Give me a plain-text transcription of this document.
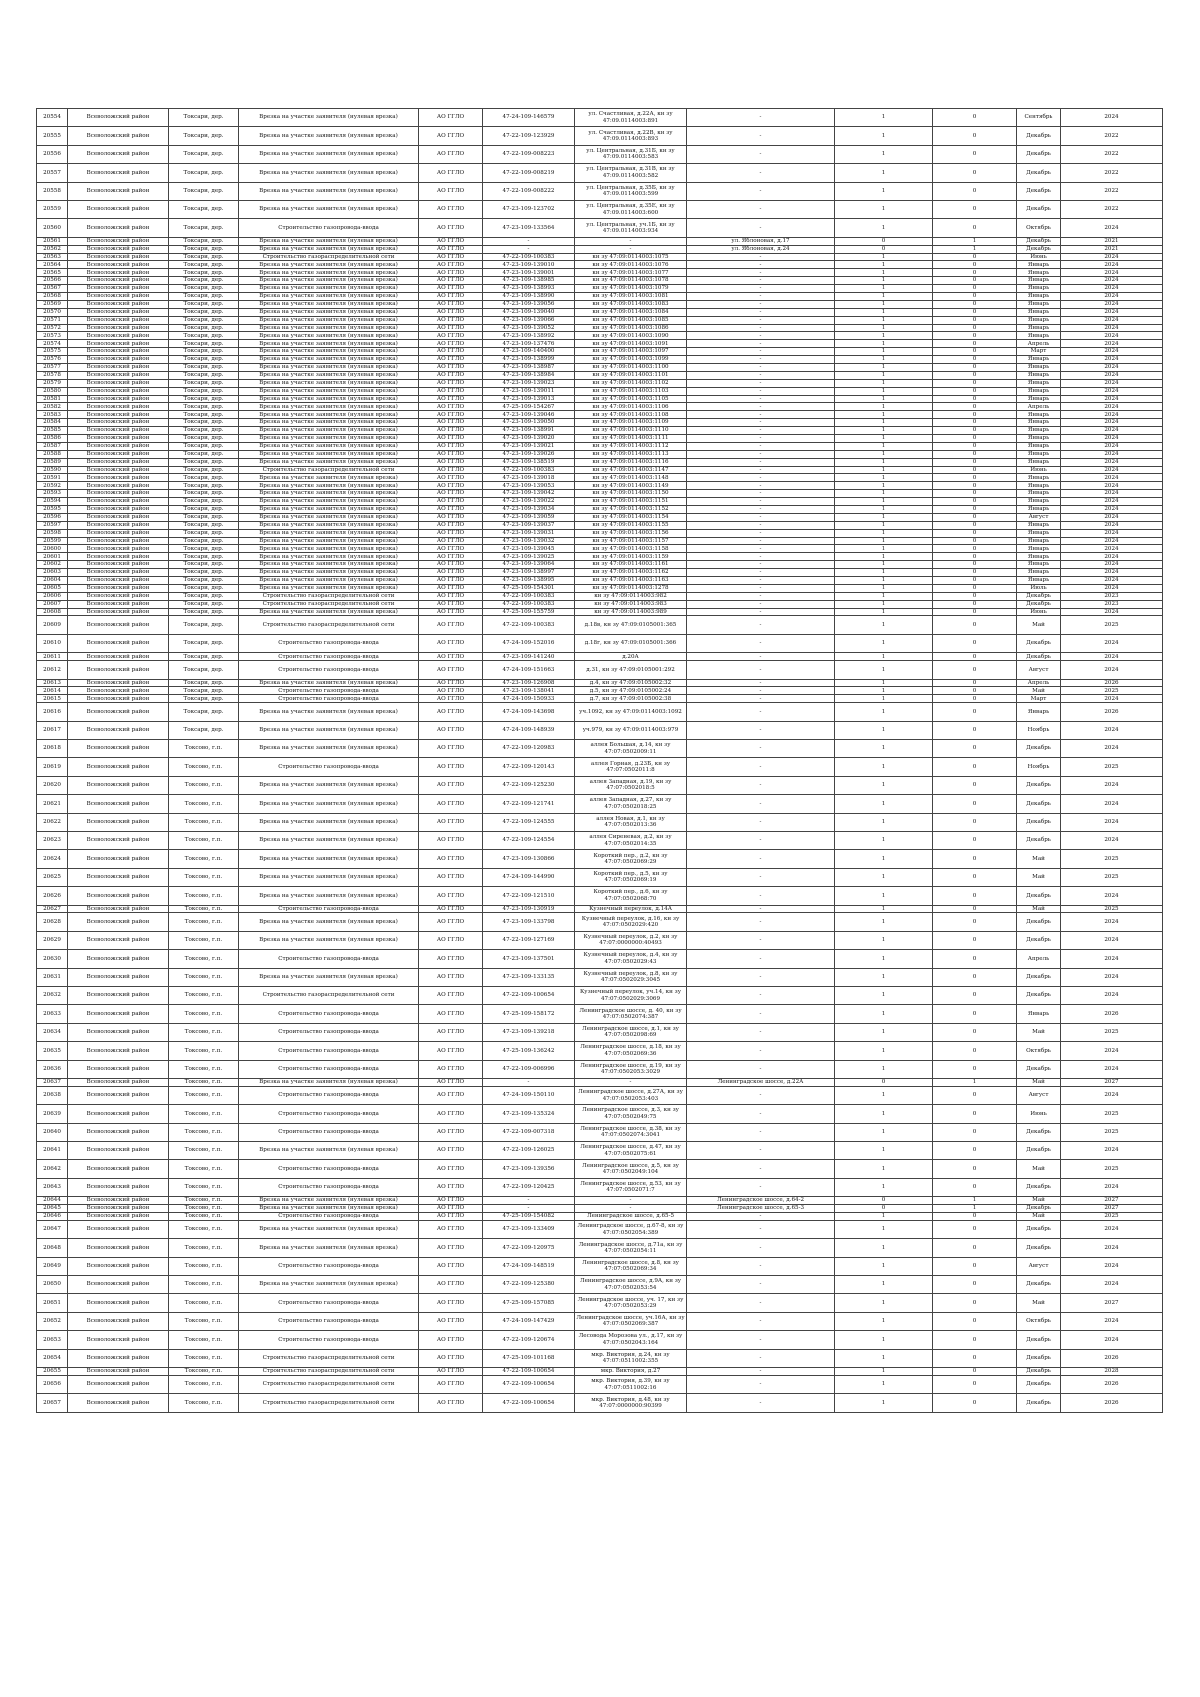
20554	Всеволожский район	Токсари, дер.	Врезка на участке заявителя (нулевая врезка)	АО ГГЛО	47-24-109-146579	ул. Счастливая, д.22А, кн зу 47:09.0114003:891	-	1	0	Сентябрь	2024
20555	Всеволожский район	Токсари, дер.	Врезка на участке заявителя (нулевая врезка)	АО ГГЛО	47-22-109-123929	ул. Счастливая, д.22В, кн зу 47:09.0114003:893	-	1	0	Декабрь	2022
20556	Всеволожский район	Токсари, дер.	Врезка на участке заявителя (нулевая врезка)	АО ГГЛО	47-22-109-008223	ул. Центральная, д.31Б, кн зу 47:09.0114003:583	-	1	0	Декабрь	2022
20557	Всеволожский район	Токсари, дер.	Врезка на участке заявителя (нулевая врезка)	АО ГГЛО	47-22-109-008219	ул. Центральная, д.31В, кн зу 47:09.0114003:582	-	1	0	Декабрь	2022
20558	Всеволожский район	Токсари, дер.	Врезка на участке заявителя (нулевая врезка)	АО ГГЛО	47-22-109-008222	ул. Центральная, д.35Б, кн зу 47:09.0114003:599	-	1	0	Декабрь	2022
20559	Всеволожский район	Токсари, дер.	Врезка на участке заявителя (нулевая врезка)	АО ГГЛО	47-23-109-123702	ул. Центральная, д.35Е, кн зу 47:09.0114003:600	-	1	0	Декабрь	2022
20560	Всеволожский район	Токсари, дер.	Строительство газопровода-ввода	АО ГГЛО	47-23-109-133564	ул. Центральная, уч.1Б, кн зу 47:09.0114003:934	-	1	0	Октябрь	2024
20561	Всеволожский район	Токсари, дер.	Врезка на участке заявителя (нулевая врезка)	АО ГГЛО	-	-	ул. Яблоновая, д.17	0	1	Декабрь	2021
20562	Всеволожский район	Токсари, дер.	Врезка на участке заявителя (нулевая врезка)	АО ГГЛО	-	-	ул. Яблоновая, д.24	0	1	Декабрь	2021
20563	Всеволожский район	Токсари, дер.	Строительство газораспределительной сети	АО ГГЛО	47-22-109-100383	кн зу 47:09:0114003:1075	-	1	0	Июнь	2024
20564	Всеволожский район	Токсари, дер.	Врезка на участке заявителя (нулевая врезка)	АО ГГЛО	47-23-109-139010	кн зу 47:09:0114003:1076	-	1	0	Январь	2024
20565	Всеволожский район	Токсари, дер.	Врезка на участке заявителя (нулевая врезка)	АО ГГЛО	47-23-109-139001	кн зу 47:09:0114003:1077	-	1	0	Январь	2024
20566	Всеволожский район	Токсари, дер.	Врезка на участке заявителя (нулевая врезка)	АО ГГЛО	47-23-109-138985	кн зу 47:09:0114003:1078	-	1	0	Январь	2024
20567	Всеволожский район	Токсари, дер.	Врезка на участке заявителя (нулевая врезка)	АО ГГЛО	47-23-109-138993	кн зу 47:09:0114003:1079	-	1	0	Январь	2024
20568	Всеволожский район	Токсари, дер.	Врезка на участке заявителя (нулевая врезка)	АО ГГЛО	47-23-109-138990	кн зу 47:09:0114003:1081	-	1	0	Январь	2024
20569	Всеволожский район	Токсари, дер.	Врезка на участке заявителя (нулевая врезка)	АО ГГЛО	47-23-109-139056	кн зу 47:09:0114003:1083	-	1	0	Январь	2024
20570	Всеволожский район	Токсари, дер.	Врезка на участке заявителя (нулевая врезка)	АО ГГЛО	47-23-109-139040	кн зу 47:09:0114003:1084	-	1	0	Январь	2024
20571	Всеволожский район	Токсари, дер.	Врезка на участке заявителя (нулевая врезка)	АО ГГЛО	47-23-109-139066	кн зу 47:09:0114003:1085	-	1	0	Январь	2024
20572	Всеволожский район	Токсари, дер.	Врезка на участке заявителя (нулевая врезка)	АО ГГЛО	47-23-109-139052	кн зу 47:09:0114003:1086	-	1	0	Январь	2024
20573	Всеволожский район	Токсари, дер.	Врезка на участке заявителя (нулевая врезка)	АО ГГЛО	47-23-109-138992	кн зу 47:09:0114003:1090	-	1	0	Январь	2024
20574	Всеволожский район	Токсари, дер.	Врезка на участке заявителя (нулевая врезка)	АО ГГЛО	47-23-109-137476	кн зу 47:09:0114003:1091	-	1	0	Апрель	2024
20575	Всеволожский район	Токсари, дер.	Врезка на участке заявителя (нулевая врезка)	АО ГГЛО	47-23-109-140400	кн зу 47:09:0114003:1097	-	1	0	Март	2024
20576	Всеволожский район	Токсари, дер.	Врезка на участке заявителя (нулевая врезка)	АО ГГЛО	47-23-109-138999	кн зу 47:09:0114003:1099	-	1	0	Январь	2024
20577	Всеволожский район	Токсари, дер.	Врезка на участке заявителя (нулевая врезка)	АО ГГЛО	47-23-109-138987	кн зу 47:09:0114003:1100	-	1	0	Январь	2024
20578	Всеволожский район	Токсари, дер.	Врезка на участке заявителя (нулевая врезка)	АО ГГЛО	47-23-109-138984	кн зу 47:09:0114003:1101	-	1	0	Январь	2024
20579	Всеволожский район	Токсари, дер.	Врезка на участке заявителя (нулевая врезка)	АО ГГЛО	47-23-109-139023	кн зу 47:09:0114003:1102	-	1	0	Январь	2024
20580	Всеволожский район	Токсари, дер.	Врезка на участке заявителя (нулевая врезка)	АО ГГЛО	47-23-109-139011	кн зу 47:09:0114003:1103	-	1	0	Январь	2024
20581	Всеволожский район	Токсари, дер.	Врезка на участке заявителя (нулевая врезка)	АО ГГЛО	47-23-109-139013	кн зу 47:09:0114003:1105	-	1	0	Январь	2024
20582	Всеволожский район	Токсари, дер.	Врезка на участке заявителя (нулевая врезка)	АО ГГЛО	47-25-109-154267	кн зу 47:09:0114003:1106	-	1	0	Апрель	2024
20583	Всеволожский район	Токсари, дер.	Врезка на участке заявителя (нулевая врезка)	АО ГГЛО	47-23-109-139046	кн зу 47:09:0114003:1108	-	1	0	Январь	2024
20584	Всеволожский район	Токсари, дер.	Врезка на участке заявителя (нулевая врезка)	АО ГГЛО	47-23-109-139050	кн зу 47:09:0114003:1109	-	1	0	Январь	2024
20585	Всеволожский район	Токсари, дер.	Врезка на участке заявителя (нулевая врезка)	АО ГГЛО	47-23-109-138991	кн зу 47:09:0114003:1110	-	1	0	Январь	2024
20586	Всеволожский район	Токсари, дер.	Врезка на участке заявителя (нулевая врезка)	АО ГГЛО	47-23-109-139020	кн зу 47:09:0114003:1111	-	1	0	Январь	2024
20587	Всеволожский район	Токсари, дер.	Врезка на участке заявителя (нулевая врезка)	АО ГГЛО	47-23-109-139021	кн зу 47:09:0114003:1112	-	1	0	Январь	2024
20588	Всеволожский район	Токсари, дер.	Врезка на участке заявителя (нулевая врезка)	АО ГГЛО	47-23-109-139026	кн зу 47:09:0114003:1113	-	1	0	Январь	2024
20589	Всеволожский район	Токсари, дер.	Врезка на участке заявителя (нулевая врезка)	АО ГГЛО	47-23-109-138519	кн зу 47:09:0114003:1116	-	1	0	Январь	2024
20590	Всеволожский район	Токсари, дер.	Строительство газораспределительной сети	АО ГГЛО	47-22-109-100383	кн зу 47:09:0114003:1147	-	1	0	Июнь	2024
20591	Всеволожский район	Токсари, дер.	Врезка на участке заявителя (нулевая врезка)	АО ГГЛО	47-23-109-139018	кн зу 47:09:0114003:1148	-	1	0	Январь	2024
20592	Всеволожский район	Токсари, дер.	Врезка на участке заявителя (нулевая врезка)	АО ГГЛО	47-23-109-139053	кн зу 47:09:0114003:1149	-	1	0	Январь	2024
20593	Всеволожский район	Токсари, дер.	Врезка на участке заявителя (нулевая врезка)	АО ГГЛО	47-23-109-139042	кн зу 47:09:0114003:1150	-	1	0	Январь	2024
20594	Всеволожский район	Токсари, дер.	Врезка на участке заявителя (нулевая врезка)	АО ГГЛО	47-23-109-139022	кн зу 47:09:0114003:1151	-	1	0	Январь	2024
20595	Всеволожский район	Токсари, дер.	Врезка на участке заявителя (нулевая врезка)	АО ГГЛО	47-23-109-139034	кн зу 47:09:0114003:1152	-	1	0	Январь	2024
20596	Всеволожский район	Токсари, дер.	Врезка на участке заявителя (нулевая врезка)	АО ГГЛО	47-23-109-139059	кн зу 47:09:0114003:1154	-	1	0	Август	2024
20597	Всеволожский район	Токсари, дер.	Врезка на участке заявителя (нулевая врезка)	АО ГГЛО	47-23-109-139037	кн зу 47:09:0114003:1155	-	1	0	Январь	2024
20598	Всеволожский район	Токсари, дер.	Врезка на участке заявителя (нулевая врезка)	АО ГГЛО	47-23-109-139031	кн зу 47:09:0114003:1156	-	1	0	Январь	2024
20599	Всеволожский район	Токсари, дер.	Врезка на участке заявителя (нулевая врезка)	АО ГГЛО	47-23-109-139032	кн зу 47:09:0114003:1157	-	1	0	Январь	2024
20600	Всеволожский район	Токсари, дер.	Врезка на участке заявителя (нулевая врезка)	АО ГГЛО	47-23-109-139045	кн зу 47:09:0114003:1158	-	1	0	Январь	2024
20601	Всеволожский район	Токсари, дер.	Врезка на участке заявителя (нулевая врезка)	АО ГГЛО	47-23-109-139025	кн зу 47:09:0114003:1159	-	1	0	Январь	2024
20602	Всеволожский район	Токсари, дер.	Врезка на участке заявителя (нулевая врезка)	АО ГГЛО	47-23-109-139064	кн зу 47:09:0114003:1161	-	1	0	Январь	2024
20603	Всеволожский район	Токсари, дер.	Врезка на участке заявителя (нулевая врезка)	АО ГГЛО	47-23-109-138997	кн зу 47:09:0114003:1162	-	1	0	Январь	2024
20604	Всеволожский район	Токсари, дер.	Врезка на участке заявителя (нулевая врезка)	АО ГГЛО	47-23-109-138995	кн зу 47:09:0114003:1163	-	1	0	Январь	2024
20605	Всеволожский район	Токсари, дер.	Врезка на участке заявителя (нулевая врезка)	АО ГГЛО	47-25-109-154301	кн зу 47:09:0114003:1278	-	1	0	Июль	2024
20606	Всеволожский район	Токсари, дер.	Строительство газораспределительной сети	АО ГГЛО	47-22-109-100383	кн зу 47:09:0114003:982	-	1	0	Декабрь	2023
20607	Всеволожский район	Токсари, дер.	Строительство газораспределительной сети	АО ГГЛО	47-22-109-100383	кн зу 47:09:0114003:983	-	1	0	Декабрь	2023
20608	Всеволожский район	Токсари, дер.	Врезка на участке заявителя (нулевая врезка)	АО ГГЛО	47-25-109-155759	кн зу 47:09:0114003:989	-	1	0	Июнь	2024
20609	Всеволожский район	Токсари, дер.	Строительство газораспределительной сети	АО ГГЛО	47-22-109-100383	д.18в, кн зу 47:09:0105001:365	-	1	0	Май	2025
20610	Всеволожский район	Токсари, дер.	Строительство газопровода-ввода	АО ГГЛО	47-24-109-152016	д.18г, кн зу 47:09:0105001:366	-	1	0	Декабрь	2024
20611	Всеволожский район	Токсари, дер.	Строительство газопровода-ввода	АО ГГЛО	47-23-109-141240	д.20А	-	1	0	Декабрь	2024
20612	Всеволожский район	Токсари, дер.	Строительство газопровода-ввода	АО ГГЛО	47-24-109-151663	д.31, кн зу 47:09:0105001:292	-	1	0	Август	2024
20613	Всеволожский район	Токсари, дер.	Врезка на участке заявителя (нулевая врезка)	АО ГГЛО	47-23-109-126908	д.4, кн зу 47:09:0105002:32	-	1	0	Апрель	2026
20614	Всеволожский район	Токсари, дер.	Строительство газопровода-ввода	АО ГГЛО	47-23-109-138041	д.5, кн зу 47:09:0105002:24	-	1	0	Май	2025
20615	Всеволожский район	Токсари, дер.	Строительство газопровода-ввода	АО ГГЛО	47-24-109-150933	д.7, кн зу 47:09:0105002:38	-	1	0	Март	2024
20616	Всеволожский район	Токсари, дер.	Врезка на участке заявителя (нулевая врезка)	АО ГГЛО	47-24-109-143698	уч.1092, кн зу 47:09:0114003:1092	-	1	0	Январь	2026
20617	Всеволожский район	Токсари, дер.	Врезка на участке заявителя (нулевая врезка)	АО ГГЛО	47-24-109-148939	уч.979, кн зу 47:09:0114003:979	-	1	0	Ноябрь	2024
20618	Всеволожский район	Токсово, г.п.	Врезка на участке заявителя (нулевая врезка)	АО ГГЛО	47-22-109-120983	аллея Большая, д.14, кн зу 47:07:0502009:11	-	1	0	Декабрь	2024
20619	Всеволожский район	Токсово, г.п.	Строительство газопровода-ввода	АО ГГЛО	47-22-109-120143	аллея Горная, д.23Б, кн зу 47:07:0502011:8	-	1	0	Ноябрь	2025
20620	Всеволожский район	Токсово, г.п.	Врезка на участке заявителя (нулевая врезка)	АО ГГЛО	47-22-109-125230	аллея Западная, д.19, кн зу 47:07:0502018:5	-	1	0	Декабрь	2024
20621	Всеволожский район	Токсово, г.п.	Врезка на участке заявителя (нулевая врезка)	АО ГГЛО	47-22-109-121741	аллея Западная, д.27, кн зу 47:07:0502018:25	-	1	0	Декабрь	2024
20622	Всеволожский район	Токсово, г.п.	Врезка на участке заявителя (нулевая врезка)	АО ГГЛО	47-22-109-124555	аллея Новая, д.1, кн зу 47:07:0502013:36	-	1	0	Декабрь	2024
20623	Всеволожский район	Токсово, г.п.	Врезка на участке заявителя (нулевая врезка)	АО ГГЛО	47-22-109-124554	аллея Сиреневая, д.2, кн зу 47:07:0502014:35	-	1	0	Декабрь	2024
20624	Всеволожский район	Токсово, г.п.	Врезка на участке заявителя (нулевая врезка)	АО ГГЛО	47-23-109-130866	Короткий пер., д.2, кн зу 47:07:0502069:29	-	1	0	Май	2025
20625	Всеволожский район	Токсово, г.п.	Врезка на участке заявителя (нулевая врезка)	АО ГГЛО	47-24-109-144990	Короткий пер., д.5, кн зу 47:07:0502069:19	-	1	0	Май	2025
20626	Всеволожский район	Токсово, г.п.	Врезка на участке заявителя (нулевая врезка)	АО ГГЛО	47-22-109-121510	Короткий пер., д.6, кн зу 47:07:0502068:70	-	1	0	Декабрь	2024
20627	Всеволожский район	Токсово, г.п.	Строительство газопровода-ввода	АО ГГЛО	47-23-109-130919	Кузнечный переулок, д.14А	-	1	0	Май	2025
20628	Всеволожский район	Токсово, г.п.	Врезка на участке заявителя (нулевая врезка)	АО ГГЛО	47-23-109-133798	Кузнечный переулок, д.16, кн зу 47:07:0502029:420	-	1	0	Декабрь	2024
20629	Всеволожский район	Токсово, г.п.	Врезка на участке заявителя (нулевая врезка)	АО ГГЛО	47-22-109-127169	Кузнечный переулок, д.2, кн зу 47:07:0000000:40493	-	1	0	Декабрь	2024
20630	Всеволожский район	Токсово, г.п.	Строительство газопровода-ввода	АО ГГЛО	47-23-109-137501	Кузнечный переулок, д.4, кн зу 47:07:0502029:43	-	1	0	Апрель	2024
20631	Всеволожский район	Токсово, г.п.	Врезка на участке заявителя (нулевая врезка)	АО ГГЛО	47-23-109-133135	Кузнечный переулок, д.8, кн зу 47:07:0502029:3045	-	1	0	Декабрь	2024
20632	Всеволожский район	Токсово, г.п.	Строительство газораспределительной сети	АО ГГЛО	47-22-109-100654	Кузнечный переулок, уч.14, кн зу 47:07:0502029:3069	-	1	0	Декабрь	2024
20633	Всеволожский район	Токсово, г.п.	Строительство газопровода-ввода	АО ГГЛО	47-25-109-158172	Ленинградское шоссе, д. 40, кн зу 47:07:0502074:387	-	1	0	Январь	2026
20634	Всеволожский район	Токсово, г.п.	Строительство газопровода-ввода	АО ГГЛО	47-23-109-139218	Ленинградское шоссе, д.1, кн зу 47:07:0502098:69	-	1	0	Май	2025
20635	Всеволожский район	Токсово, г.п.	Строительство газопровода-ввода	АО ГГЛО	47-25-109-136242	Ленинградское шоссе, д.18, кн зу 47:07:0502069:36	-	1	0	Октябрь	2024
20636	Всеволожский район	Токсово, г.п.	Строительство газопровода-ввода	АО ГГЛО	47-22-109-006996	Ленинградское шоссе, д.19, кн зу 47:07:0502053:3029	-	1	0	Декабрь	2024
20637	Всеволожский район	Токсово, г.п.	Врезка на участке заявителя (нулевая врезка)	АО ГГЛО	-	-	Ленинградское шоссе, д.22А	0	1	Май	2027
20638	Всеволожский район	Токсово, г.п.	Строительство газопровода-ввода	АО ГГЛО	47-24-109-150110	Ленинградское шоссе, д.27А, кн зу 47:07:0502053:403	-	1	0	Август	2024
20639	Всеволожский район	Токсово, г.п.	Строительство газопровода-ввода	АО ГГЛО	47-23-109-135324	Ленинградское шоссе, д.3, кн зу 47:07:0502049:75	-	1	0	Июнь	2025
20640	Всеволожский район	Токсово, г.п.	Строительство газопровода-ввода	АО ГГЛО	47-22-109-007318	Ленинградское шоссе, д.38, кн зу 47:07:0502074:3041	-	1	0	Декабрь	2025
20641	Всеволожский район	Токсово, г.п.	Врезка на участке заявителя (нулевая врезка)	АО ГГЛО	47-22-109-126025	Ленинградское шоссе, д.47, кн зу 47:07:0502075:61	-	1	0	Декабрь	2024
20642	Всеволожский район	Токсово, г.п.	Строительство газопровода-ввода	АО ГГЛО	47-23-109-139356	Ленинградское шоссе, д.5, кн зу 47:07:0502049:104	-	1	0	Май	2025
20643	Всеволожский район	Токсово, г.п.	Строительство газопровода-ввода	АО ГГЛО	47-22-109-120425	Ленинградское шоссе, д.53, кн зу 47:07:0502071:7	-	1	0	Декабрь	2024
20644	Всеволожский район	Токсово, г.п.	Врезка на участке заявителя (нулевая врезка)	АО ГГЛО	-	-	Ленинградское шоссе, д.64-2	0	1	Май	2027
20645	Всеволожский район	Токсово, г.п.	Врезка на участке заявителя (нулевая врезка)	АО ГГЛО	-	-	Ленинградское шоссе, д.65-3	0	1	Декабрь	2027
20646	Всеволожский район	Токсово, г.п.	Строительство газопровода-ввода	АО ГГЛО	47-25-109-154082	Ленинградское шоссе, д.65-5	-	1	0	Май	2025
20647	Всеволожский район	Токсово, г.п.	Врезка на участке заявителя (нулевая врезка)	АО ГГЛО	47-23-109-133409	Ленинградское шоссе, д.67-8, кн зу 47:07:0502054:389	-	1	0	Декабрь	2024
20648	Всеволожский район	Токсово, г.п.	Врезка на участке заявителя (нулевая врезка)	АО ГГЛО	47-22-109-120975	Ленинградское шоссе, д.71а, кн зу 47:07:0502054:11	-	1	0	Декабрь	2024
20649	Всеволожский район	Токсово, г.п.	Строительство газопровода-ввода	АО ГГЛО	47-24-109-148519	Ленинградское шоссе, д.8, кн зу 47:07:0502069:34	-	1	0	Август	2024
20650	Всеволожский район	Токсово, г.п.	Врезка на участке заявителя (нулевая врезка)	АО ГГЛО	47-22-109-125380	Ленинградское шоссе, д.9А, кн зу 47:07:0502053:54	-	1	0	Декабрь	2024
20651	Всеволожский район	Токсово, г.п.	Строительство газопровода-ввода	АО ГГЛО	47-25-109-157085	Ленинградское шоссе, уч. 17, кн зу 47:07:0502053:29	-	1	0	Май	2027
20652	Всеволожский район	Токсово, г.п.	Строительство газопровода-ввода	АО ГГЛО	47-24-109-147429	Ленинградское шоссе, уч.16А, кн зу 47:07:0502069:387	-	1	0	Октябрь	2024
20653	Всеволожский район	Токсово, г.п.	Строительство газопровода-ввода	АО ГГЛО	47-22-109-120674	Лесовода Морозова ул., д.17, кн зу 47:07:0502043:164	-	1	0	Декабрь	2024
20654	Всеволожский район	Токсово, г.п.	Строительство газораспределительной сети	АО ГГЛО	47-25-109-101168	мкр. Виктория, д.24, кн зу 47:07:0511002:355	-	1	0	Декабрь	2026
20655	Всеволожский район	Токсово, г.п.	Строительство газораспределительной сети	АО ГГЛО	47-22-109-100654	мкр. Виктория, д.27	-	1	0	Декабрь	2028
20656	Всеволожский район	Токсово, г.п.	Строительство газораспределительной сети	АО ГГЛО	47-22-109-100654	мкр. Виктория, д.39, кн зу 47:07:0511002:16	-	1	0	Декабрь	2026
20657	Всеволожский район	Токсово, г.п.	Строительство газораспределительной сети	АО ГГЛО	47-22-109-100654	мкр. Виктория, д.48, кн зу 47:07:0000000:90399	-	1	0	Декабрь	2026
